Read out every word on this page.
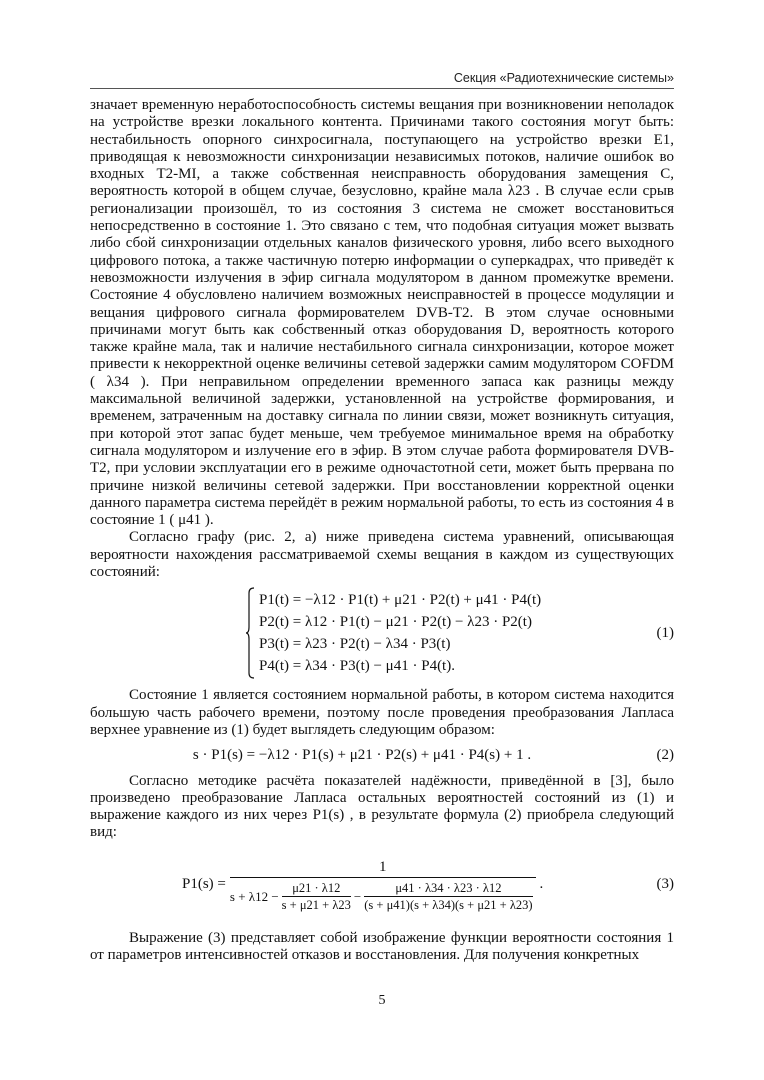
Секция «Радиотехнические системы»

значает временную неработоспособность системы вещания при возникновении неполадок на устройстве врезки локального контента. Причинами такого состояния могут быть: нестабильность опорного синхросигнала, поступающего на устройство врезки E1, приводящая к невозможности синхронизации независимых потоков, наличие ошибок во входных T2-MI, а также собственная неисправность оборудования замещения C, вероятность которой в общем случае, безусловно, крайне мала λ23 . В случае если срыв регионализации произошёл, то из состояния 3 система не сможет восстановиться непосредственно в состояние 1. Это связано с тем, что подобная ситуация может вызвать либо сбой синхронизации отдельных каналов физического уровня, либо всего выходного цифрового потока, а также частичную потерю информации о суперкадрах, что приведёт к невозможности излучения в эфир сигнала модулятором в данном промежутке времени. Состояние 4 обусловлено наличием возможных неисправностей в процессе модуляции и вещания цифрового сигнала формирователем DVB-T2. В этом случае основными причинами могут быть как собственный отказ оборудования D, вероятность которого также крайне мала, так и наличие нестабильного сигнала синхронизации, которое может привести к некорректной оценке величины сетевой задержки самим модулятором COFDM ( λ34 ). При неправильном определении временного запаса как разницы между максимальной величиной задержки, установленной на устройстве формирования, и временем, затраченным на доставку сигнала по линии связи, может возникнуть ситуация, при которой этот запас будет меньше, чем требуемое минимальное время на обработку сигнала модулятором и излучение его в эфир. В этом случае работа формирователя DVB-T2, при условии эксплуатации его в режиме одночастотной сети, может быть прервана по причине низкой величины сетевой задержки. При восстановлении корректной оценки данного параметра система перейдёт в режим нормальной работы, то есть из состояния 4 в состояние 1 ( μ41 ).

Согласно графу (рис. 2, а) ниже приведена система уравнений, описывающая вероятности нахождения рассматриваемой схемы вещания в каждом из существующих состояний:

P1(t) = −λ12 · P1(t) + μ21 · P2(t) + μ41 · P4(t)
P2(t) = λ12 · P1(t) − μ21 · P2(t) − λ23 · P2(t)
P3(t) = λ23 · P2(t) − λ34 · P3(t)
P4(t) = λ34 · P3(t) − μ41 · P4(t).
(1)

Состояние 1 является состоянием нормальной работы, в котором система находится большую часть рабочего времени, поэтому после проведения преобразования Лапласа верхнее уравнение из (1) будет выглядеть следующим образом:

s · P1(s) = −λ12 · P1(s) + μ21 · P2(s) + μ41 · P4(s) + 1 .	(2)

Согласно методике расчёта показателей надёжности, приведённой в [3], было произведено преобразование Лапласа остальных вероятностей состояний из (1) и выражение каждого из них через P1(s) , в результате формула (2) приобрела следующий вид:

P1(s) =
1
s + λ12 −
μ21 · λ12
s + μ21 + λ23
−
μ41 · λ34 · λ23 · λ12
(s + μ41)(s + λ34)(s + μ21 + λ23)
.	(3)

Выражение (3) представляет собой изображение функции вероятности состояния 1 от параметров интенсивностей отказов и восстановления. Для получения конкретных

5
